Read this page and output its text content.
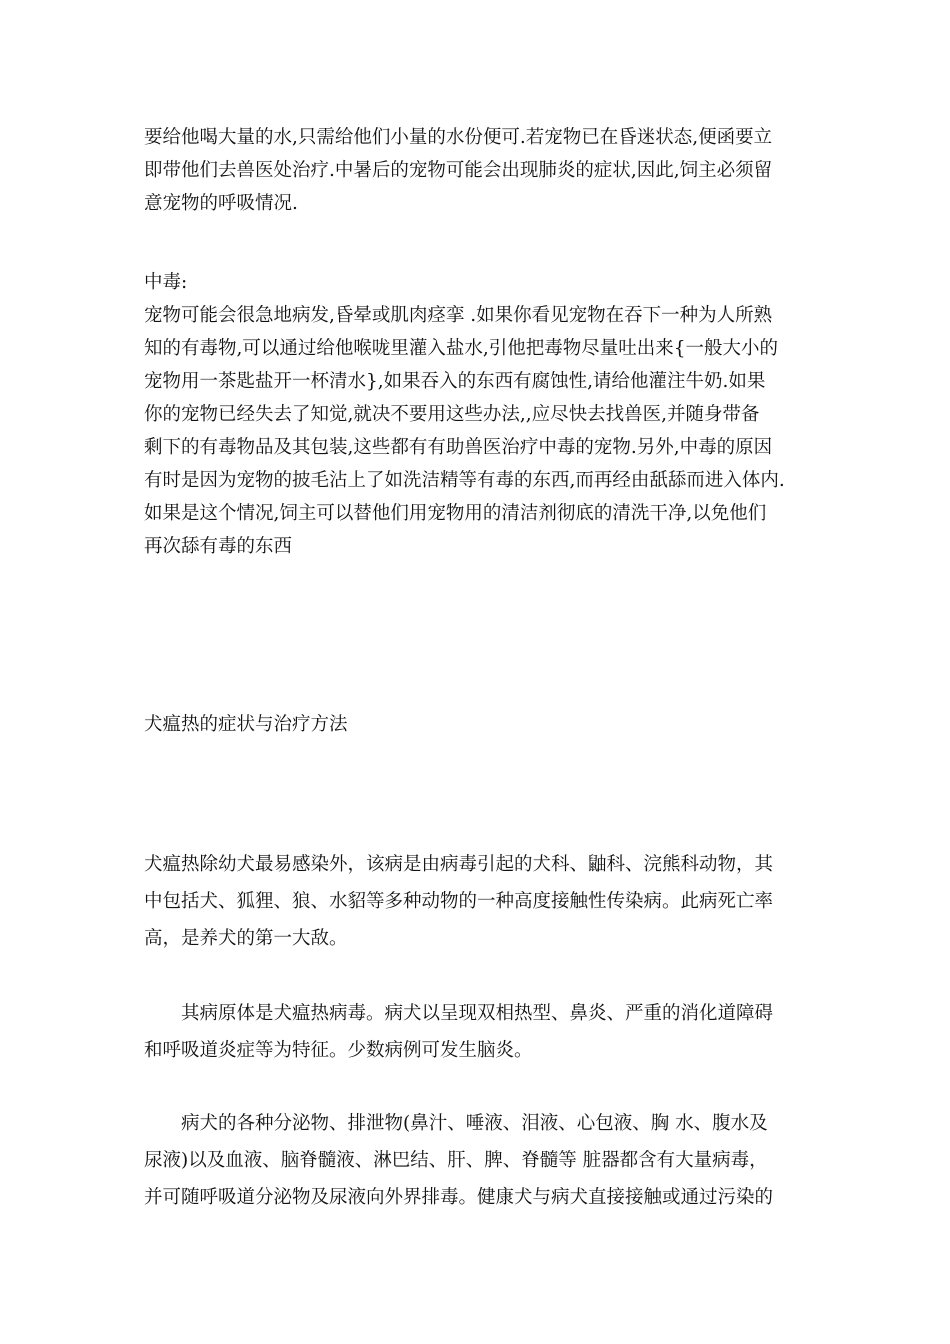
要给他喝大量的水,只需给他们小量的水份便可.若宠物已在昏迷状态,便函要立
即带他们去兽医处治疗.中暑后的宠物可能会出现肺炎的症状,因此,饲主必须留
意宠物的呼吸情况.
中毒:
宠物可能会很急地病发,昏晕或肌肉痉挛 .如果你看见宠物在吞下一种为人所熟
知的有毒物,可以通过给他喉咙里灌入盐水,引他把毒物尽量吐出来{一般大小的
宠物用一茶匙盐开一杯清水},如果吞入的东西有腐蚀性,请给他灌注牛奶.如果
你的宠物已经失去了知觉,就决不要用这些办法,,应尽快去找兽医,并随身带备
剩下的有毒物品及其包装,这些都有有助兽医治疗中毒的宠物.另外,中毒的原因
有时是因为宠物的披毛沾上了如洗洁精等有毒的东西,而再经由舐舔而进入体内.
如果是这个情况,饲主可以替他们用宠物用的清洁剂彻底的清洗干净,以免他们
再次舔有毒的东西
犬瘟热的症状与治疗方法
犬瘟热除幼犬最易感染外，该病是由病毒引起的犬科、鼬科、浣熊科动物，其
中包括犬、狐狸、狼、水貂等多种动物的一种高度接触性传染病。此病死亡率
高，是养犬的第一大敌。
　　其病原体是犬瘟热病毒。病犬以呈现双相热型、鼻炎、严重的消化道障碍
和呼吸道炎症等为特征。少数病例可发生脑炎。
　　病犬的各种分泌物、排泄物(鼻汁、唾液、泪液、心包液、胸 水、腹水及
尿液)以及血液、脑脊髓液、淋巴结、肝、脾、脊髓等 脏器都含有大量病毒，
并可随呼吸道分泌物及尿液向外界排毒。健康犬与病犬直接接触或通过污染的
